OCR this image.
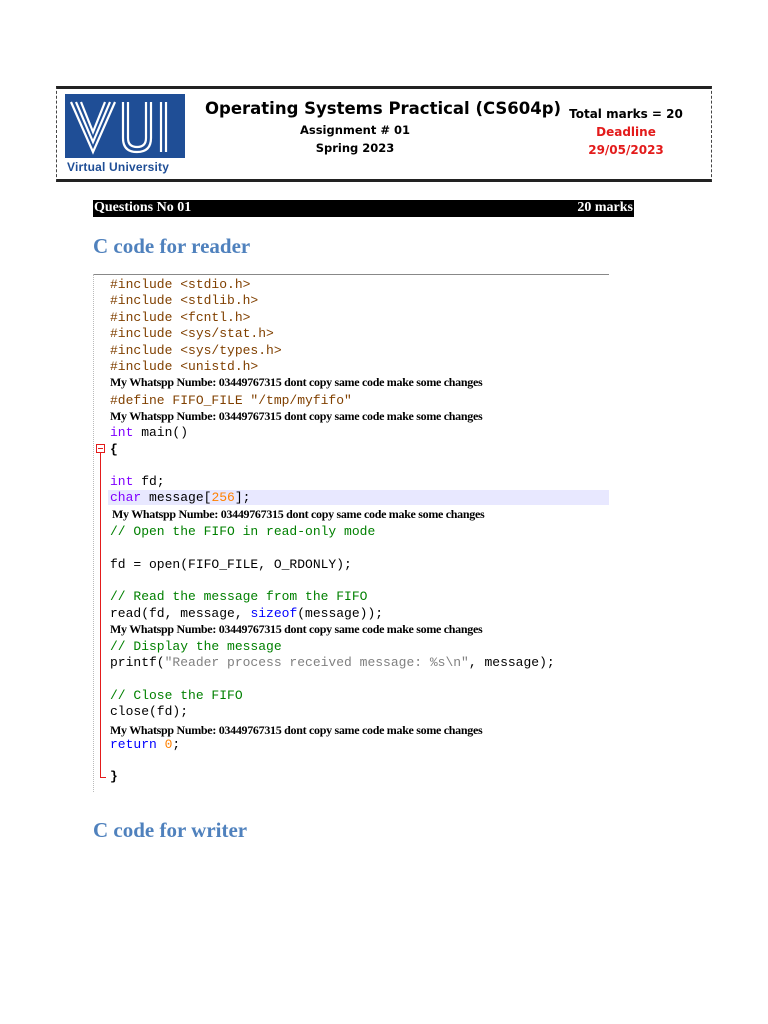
Virtual University
Operating Systems Practical (CS604p)
Assignment # 01
Spring 2023
Total marks = 20
Deadline
29/05/2023
Questions No 01	20 marks
C code for reader
#include <stdio.h>
#include <stdlib.h>
#include <fcntl.h>
#include <sys/stat.h>
#include <sys/types.h>
#include <unistd.h>
My Whatspp Numbe: 03449767315 dont copy same code make some changes
#define FIFO_FILE "/tmp/myfifo"
My Whatspp Numbe: 03449767315 dont copy same code make some changes
int main()
{
int fd;
char message[256];
My Whatspp Numbe: 03449767315 dont copy same code make some changes
// Open the FIFO in read-only mode
fd = open(FIFO_FILE, O_RDONLY);
// Read the message from the FIFO
read(fd, message, sizeof(message));
My Whatspp Numbe: 03449767315 dont copy same code make some changes
// Display the message
printf("Reader process received message: %s\n", message);
// Close the FIFO
close(fd);
My Whatspp Numbe: 03449767315 dont copy same code make some changes
return 0;
}
C code for writer
